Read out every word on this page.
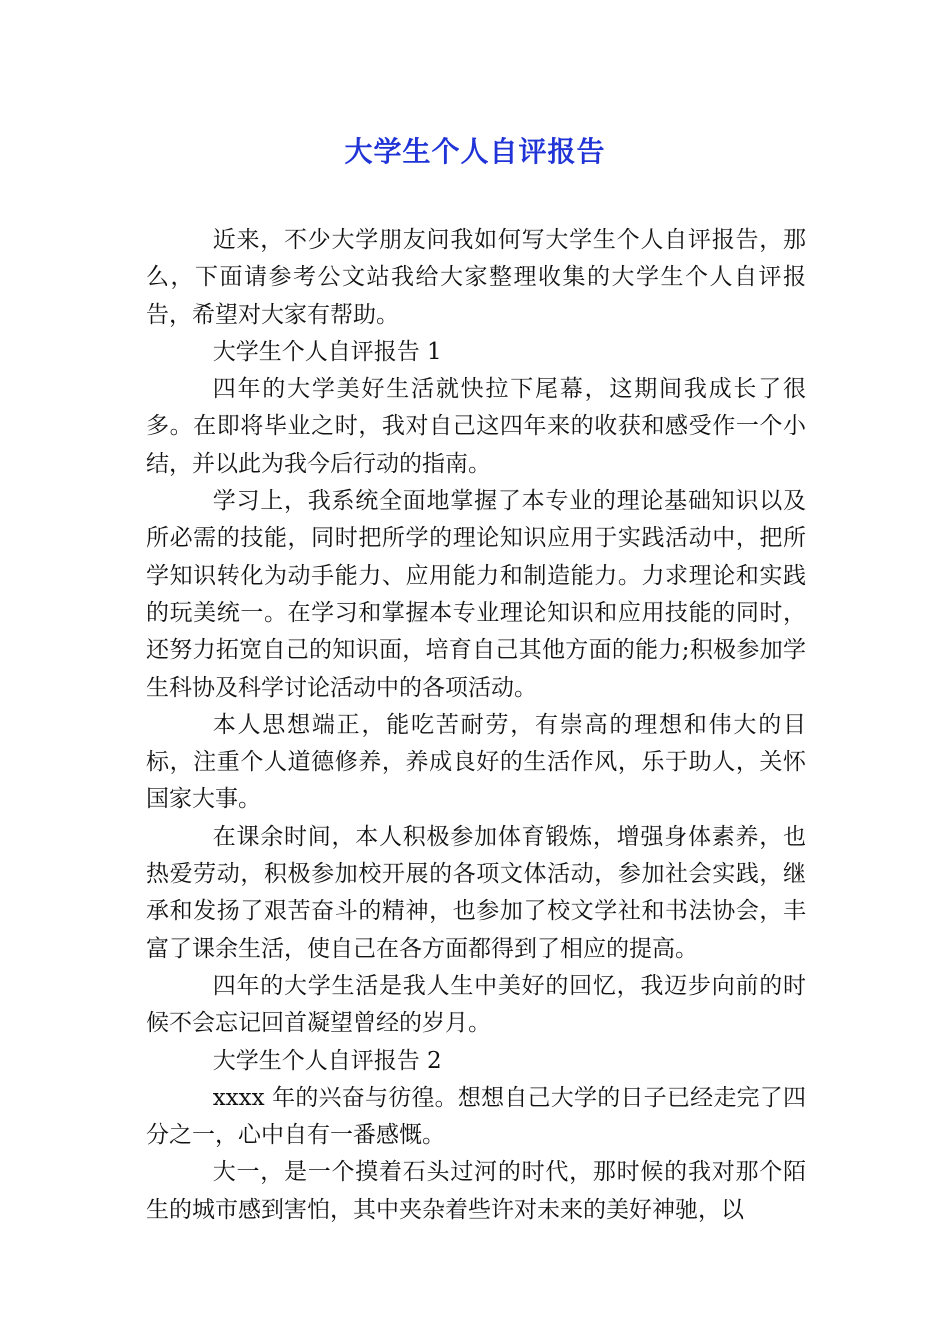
大学生个人自评报告

近来，不少大学朋友问我如何写大学生个人自评报告，那么，下面请参考公文站我给大家整理收集的大学生个人自评报告，希望对大家有帮助。

大学生个人自评报告 1

四年的大学美好生活就快拉下尾幕，这期间我成长了很多。在即将毕业之时，我对自己这四年来的收获和感受作一个小结，并以此为我今后行动的指南。

学习上，我系统全面地掌握了本专业的理论基础知识以及所必需的技能，同时把所学的理论知识应用于实践活动中，把所学知识转化为动手能力、应用能力和制造能力。力求理论和实践的玩美统一。在学习和掌握本专业理论知识和应用技能的同时，还努力拓宽自己的知识面，培育自己其他方面的能力;积极参加学生科协及科学讨论活动中的各项活动。

本人思想端正，能吃苦耐劳，有崇高的理想和伟大的目标，注重个人道德修养，养成良好的生活作风，乐于助人，关怀国家大事。

在课余时间，本人积极参加体育锻炼，增强身体素养，也热爱劳动，积极参加校开展的各项文体活动，参加社会实践，继承和发扬了艰苦奋斗的精神，也参加了校文学社和书法协会，丰富了课余生活，使自己在各方面都得到了相应的提高。

四年的大学生活是我人生中美好的回忆，我迈步向前的时候不会忘记回首凝望曾经的岁月。

大学生个人自评报告 2

xxxx 年的兴奋与彷徨。想想自己大学的日子已经走完了四分之一，心中自有一番感慨。

大一，是一个摸着石头过河的时代，那时候的我对那个陌生的城市感到害怕，其中夹杂着些许对未来的美好神驰，以
